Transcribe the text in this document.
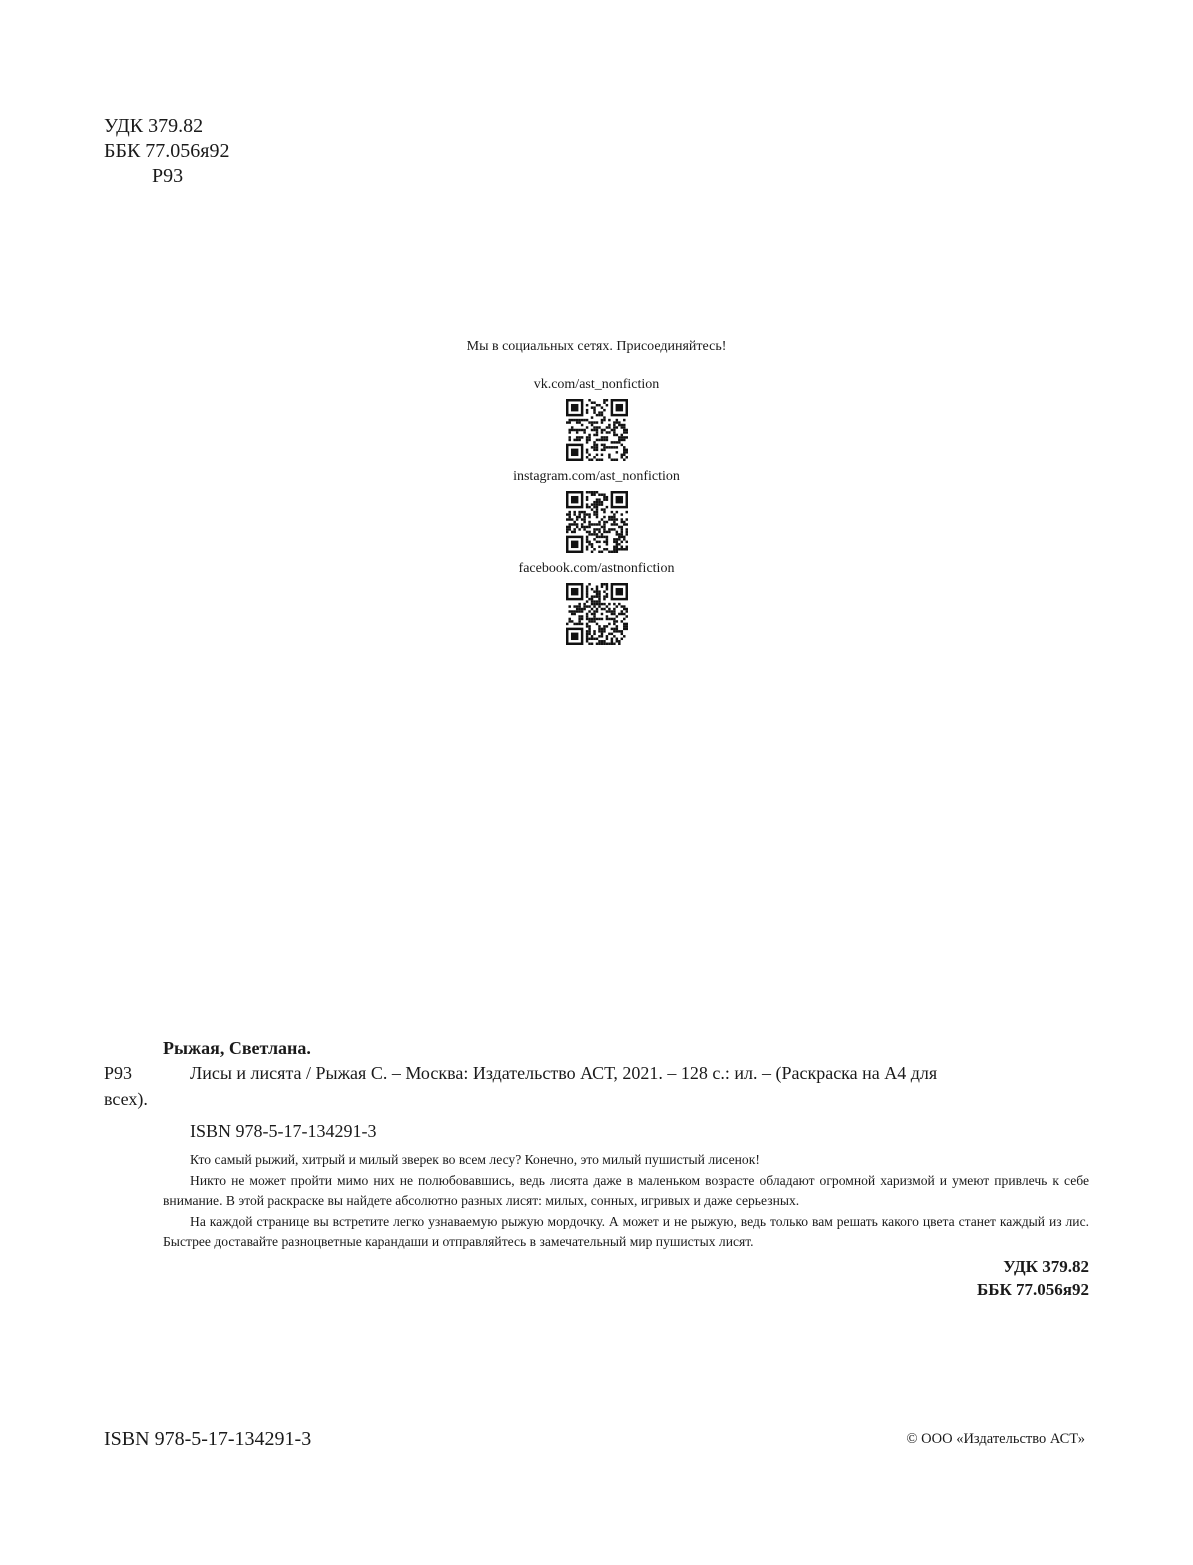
УДК 379.82
ББК 77.056я92
Р93
Мы в социальных сетях. Присоединяйтесь!
vk.com/ast_nonfiction
instagram.com/ast_nonfiction
facebook.com/astnonfiction
Рыжая, Светлана.
Р93	Лисы и лисята / Рыжая С. – Москва: Издательство АСТ, 2021. – 128 с.: ил. – (Раскраска на А4 для
всех).
ISBN 978-5-17-134291-3

Кто самый рыжий, хитрый и милый зверек во всем лесу? Конечно, это милый пушистый лисенок!

Никто не может пройти мимо них не полюбовавшись, ведь лисята даже в маленьком возрасте обладают огромной харизмой и умеют привлечь к себе внимание. В этой раскраске вы найдете абсолютно разных лисят: милых, сонных, игривых и даже серьезных.

На каждой странице вы встретите легко узнаваемую рыжую мордочку. А может и не рыжую, ведь только вам решать какого цвета станет каждый из лис. Быстрее доставайте разноцветные карандаши и отправляйтесь в замечательный мир пушистых лисят.

УДК 379.82
ББК 77.056я92
ISBN 978-5-17-134291-3	© ООО «Издательство АСТ»
